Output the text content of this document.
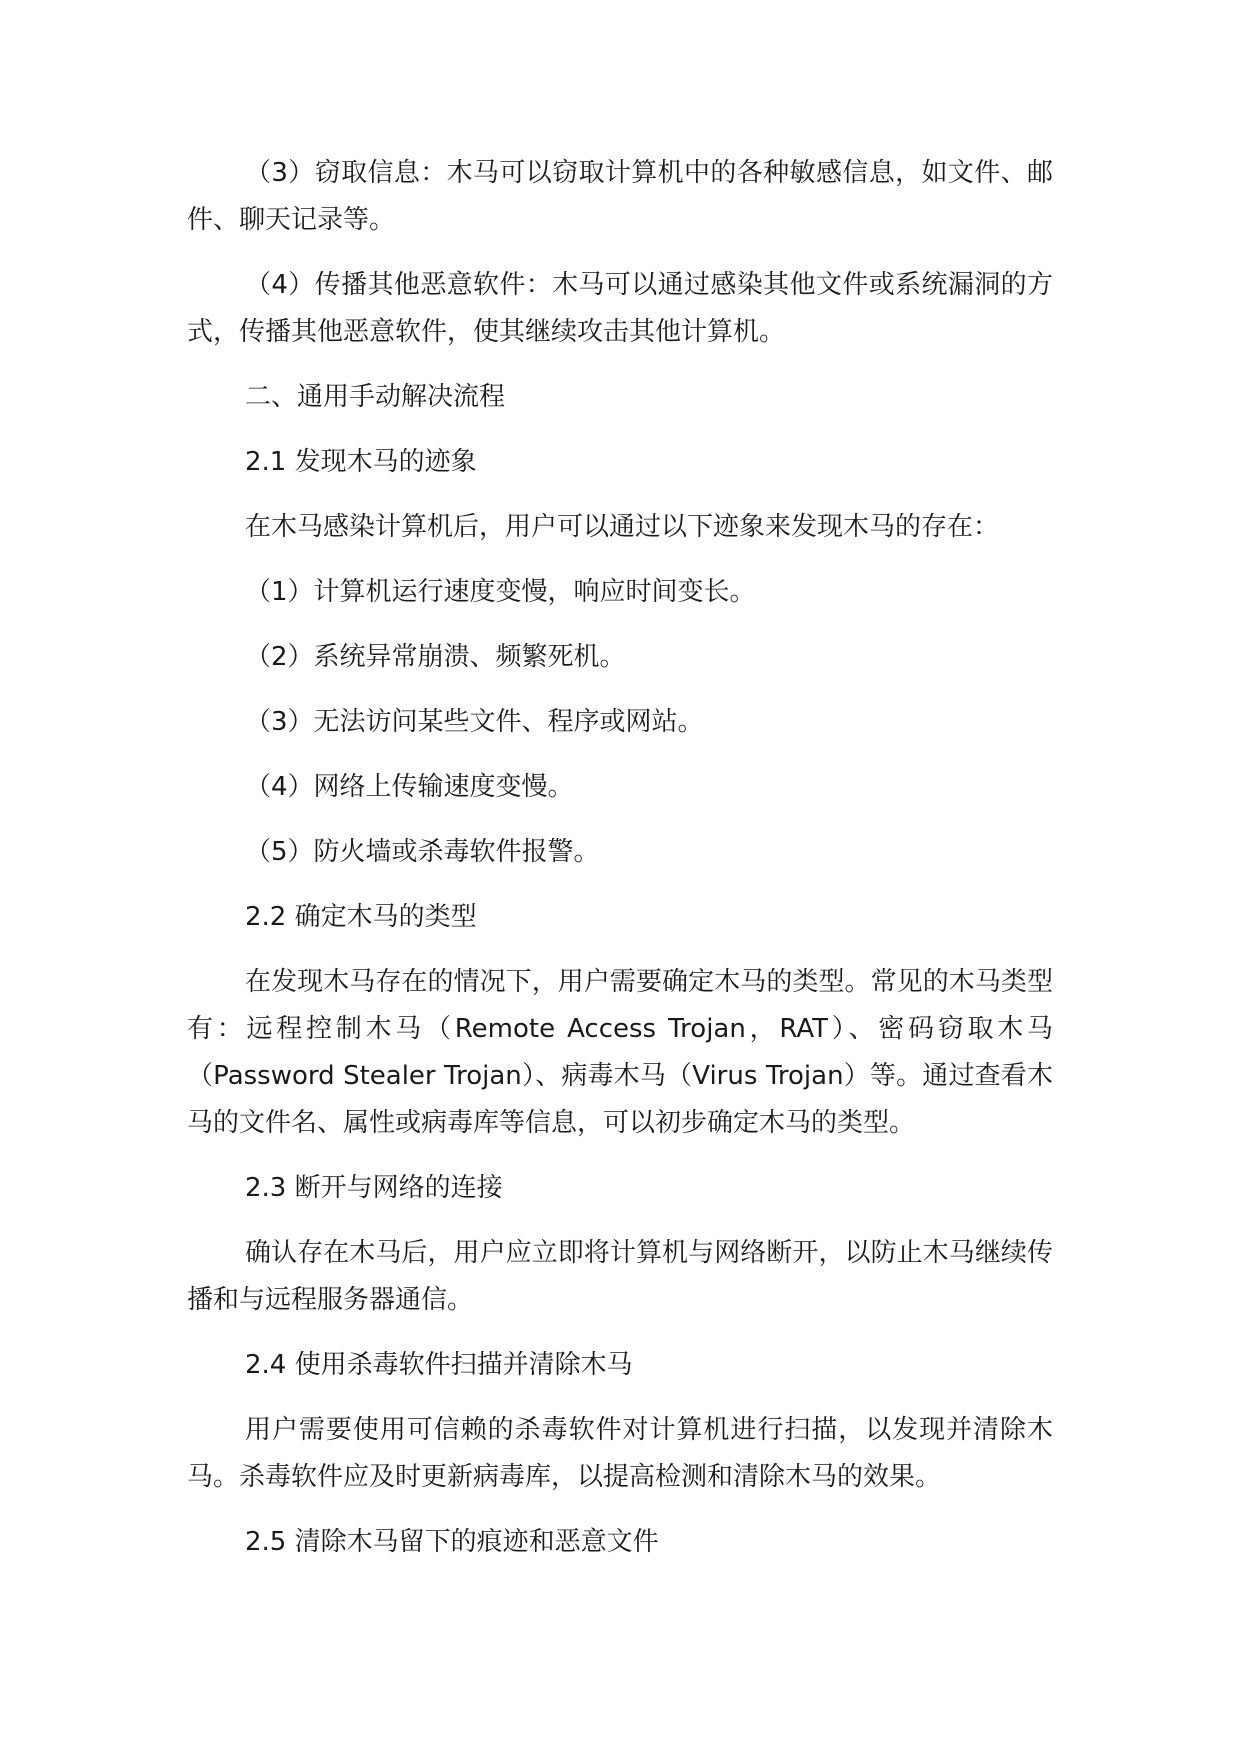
（3）窃取信息：木马可以窃取计算机中的各种敏感信息，如文件、邮件、聊天记录等。

（4）传播其他恶意软件：木马可以通过感染其他文件或系统漏洞的方式，传播其他恶意软件，使其继续攻击其他计算机。

二、通用手动解决流程

2.1 发现木马的迹象

在木马感染计算机后，用户可以通过以下迹象来发现木马的存在：

（1）计算机运行速度变慢，响应时间变长。

（2）系统异常崩溃、频繁死机。

（3）无法访问某些文件、程序或网站。

（4）网络上传输速度变慢。

（5）防火墙或杀毒软件报警。

2.2 确定木马的类型

在发现木马存在的情况下，用户需要确定木马的类型。常见的木马类型有：远程控制木马（Remote Access Trojan，RAT）、密码窃取木马（Password Stealer Trojan）、病毒木马（Virus Trojan）等。通过查看木马的文件名、属性或病毒库等信息，可以初步确定木马的类型。

2.3 断开与网络的连接

确认存在木马后，用户应立即将计算机与网络断开，以防止木马继续传播和与远程服务器通信。

2.4 使用杀毒软件扫描并清除木马

用户需要使用可信赖的杀毒软件对计算机进行扫描，以发现并清除木马。杀毒软件应及时更新病毒库，以提高检测和清除木马的效果。

2.5 清除木马留下的痕迹和恶意文件
